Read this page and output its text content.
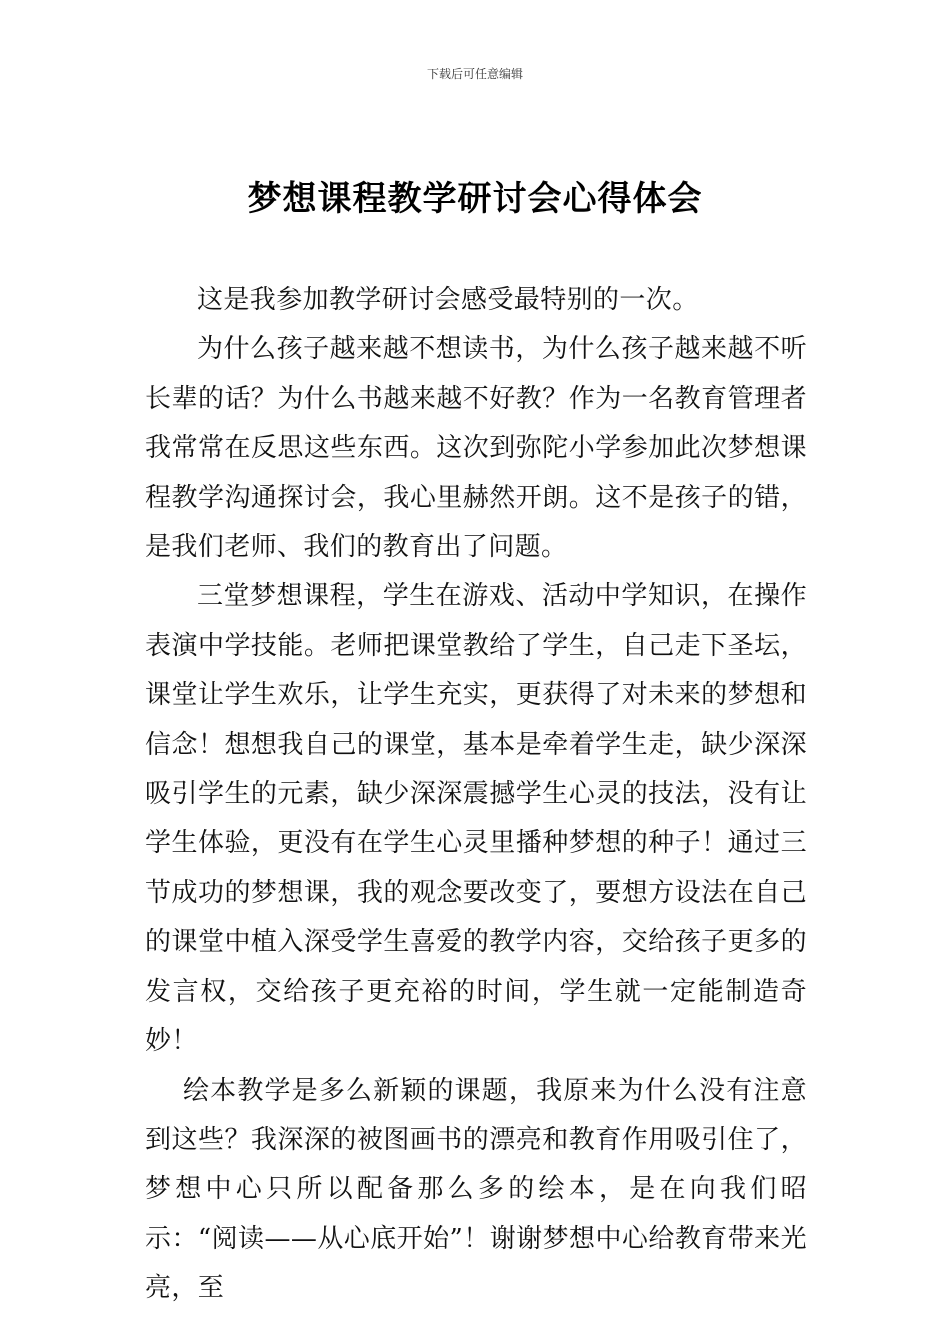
下载后可任意编辑
梦想课程教学研讨会心得体会

这是我参加教学研讨会感受最特别的一次。

为什么孩子越来越不想读书，为什么孩子越来越不听长辈的话？为什么书越来越不好教？作为一名教育管理者我常常在反思这些东西。这次到弥陀小学参加此次梦想课程教学沟通探讨会，我心里赫然开朗。这不是孩子的错，是我们老师、我们的教育出了问题。

三堂梦想课程，学生在游戏、活动中学知识，在操作表演中学技能。老师把课堂教给了学生，自己走下圣坛，课堂让学生欢乐，让学生充实，更获得了对未来的梦想和信念！想想我自己的课堂，基本是牵着学生走，缺少深深吸引学生的元素，缺少深深震撼学生心灵的技法，没有让学生体验，更没有在学生心灵里播种梦想的种子！通过三节成功的梦想课，我的观念要改变了，要想方设法在自己的课堂中植入深受学生喜爱的教学内容，交给孩子更多的发言权，交给孩子更充裕的时间，学生就一定能制造奇妙！

绘本教学是多么新颖的课题，我原来为什么没有注意到这些？我深深的被图画书的漂亮和教育作用吸引住了，梦想中心只所以配备那么多的绘本，是在向我们昭示：“阅读——从心底开始”！谢谢梦想中心给教育带来光亮，至
